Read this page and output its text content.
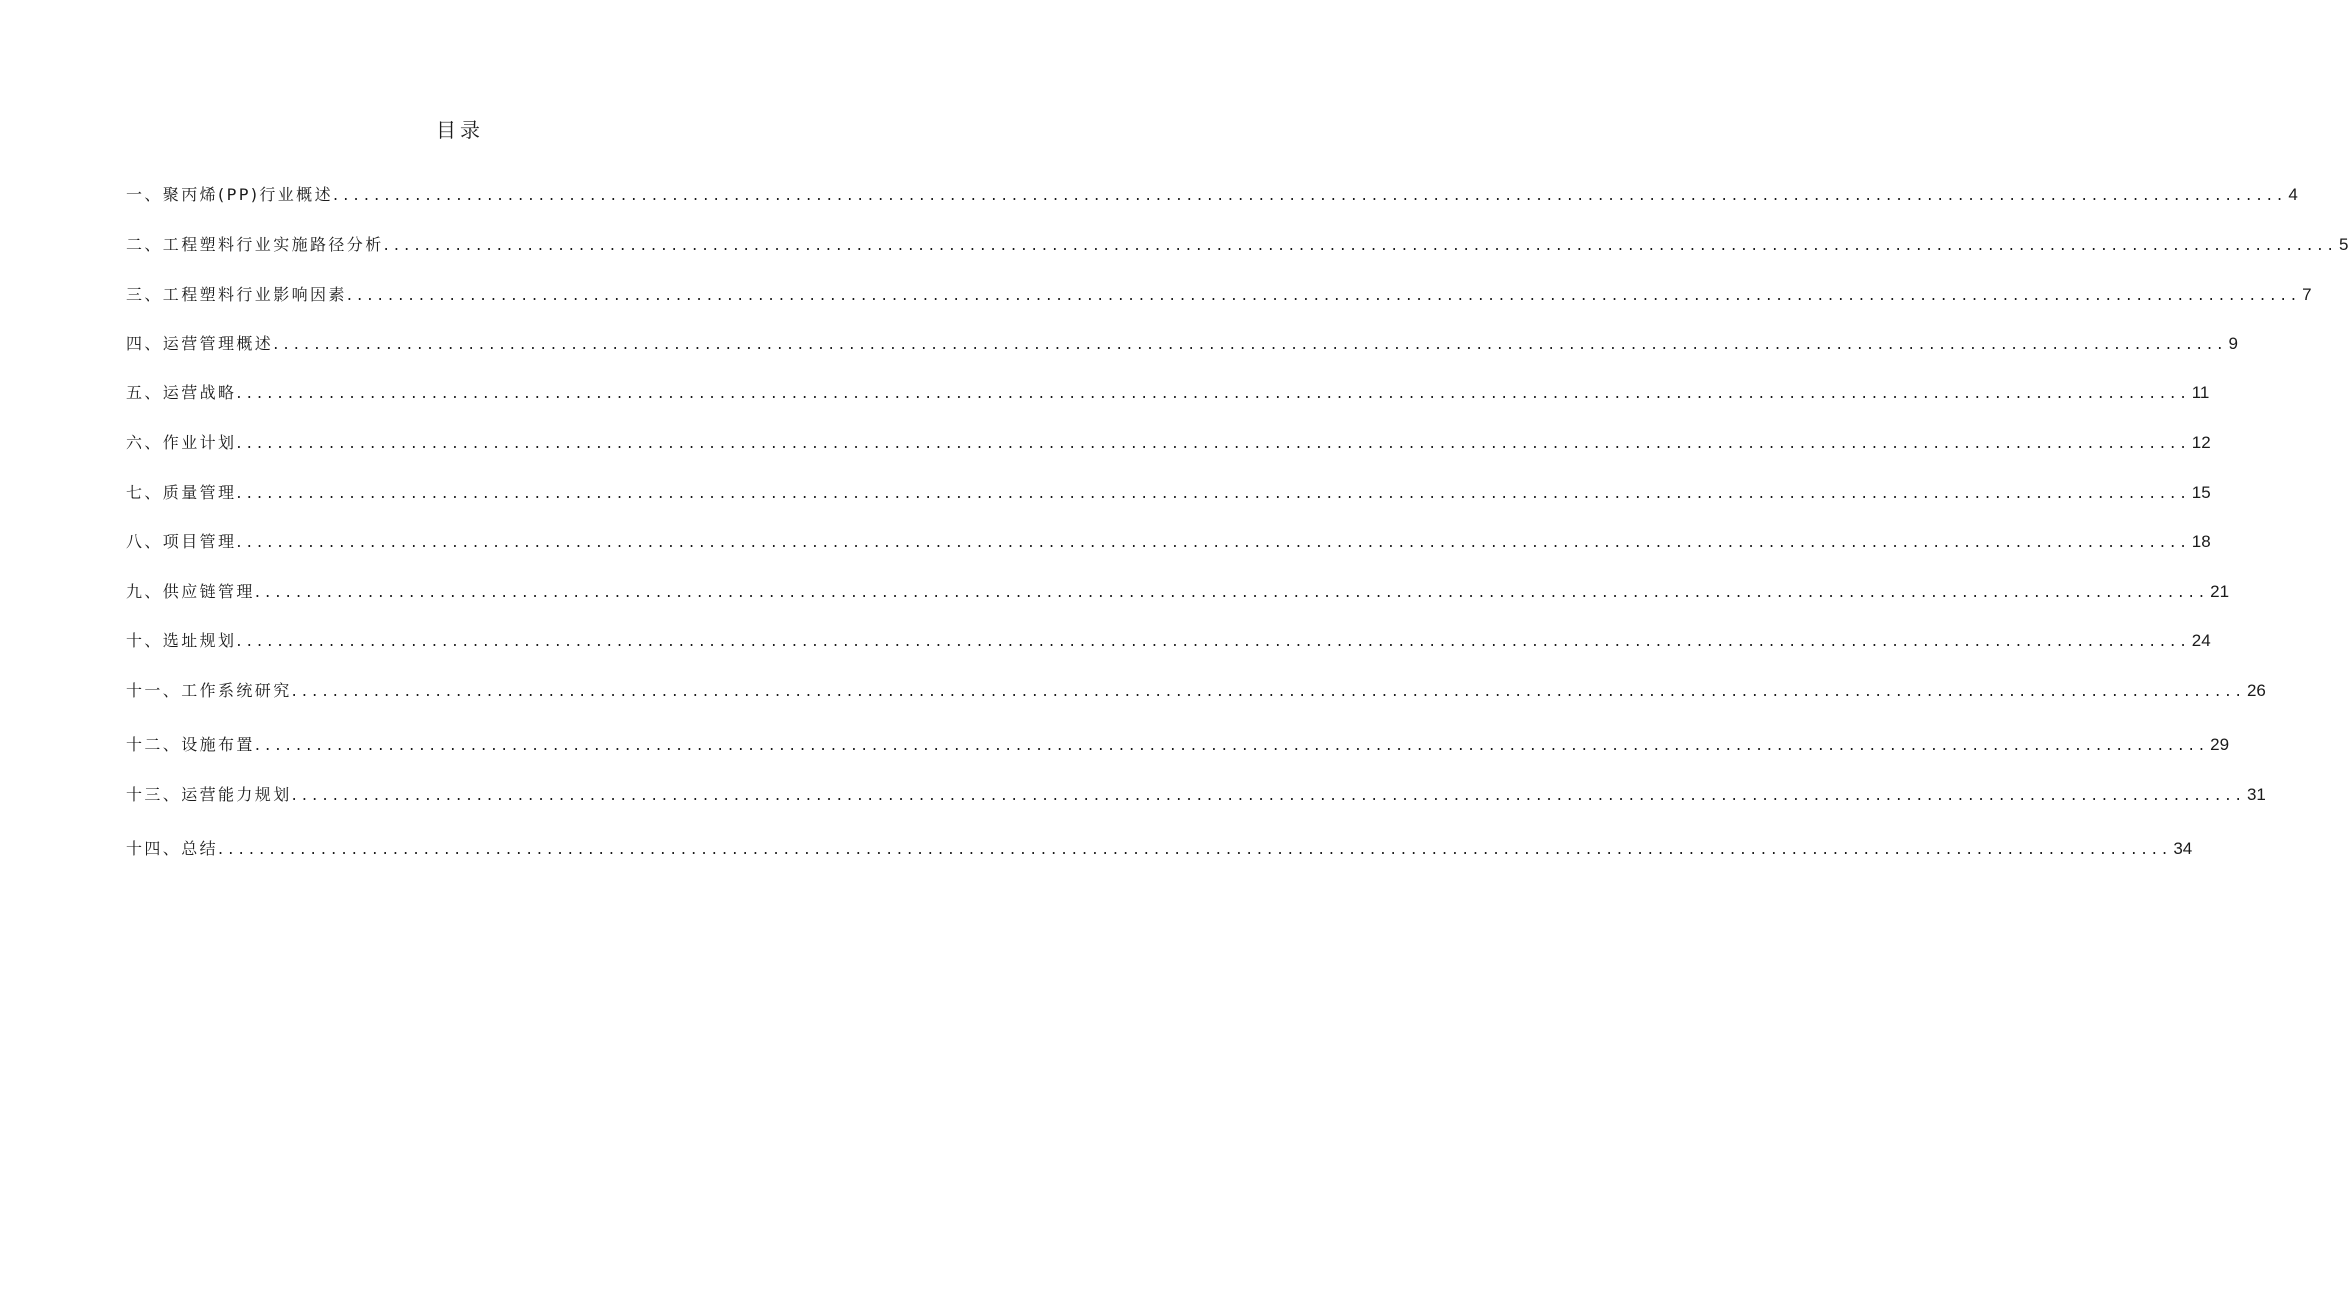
目录
一、聚丙烯(PP)行业概述 .............................................................................................................................................................................................. 4
二、工程塑料行业实施路径分析 .............................................................................................................................................................................................. 5
三、工程塑料行业影响因素 .............................................................................................................................................................................................. 7
四、运营管理概述 .............................................................................................................................................................................................. 9
五、运营战略 .............................................................................................................................................................................................. 11
六、作业计划 .............................................................................................................................................................................................. 12
七、质量管理 .............................................................................................................................................................................................. 15
八、项目管理 .............................................................................................................................................................................................. 18
九、供应链管理 .............................................................................................................................................................................................. 21
十、选址规划 .............................................................................................................................................................................................. 24
十一、工作系统研究 .............................................................................................................................................................................................. 26
十二、设施布置 .............................................................................................................................................................................................. 29
十三、运营能力规划 .............................................................................................................................................................................................. 31
十四、总结 .............................................................................................................................................................................................. 34
